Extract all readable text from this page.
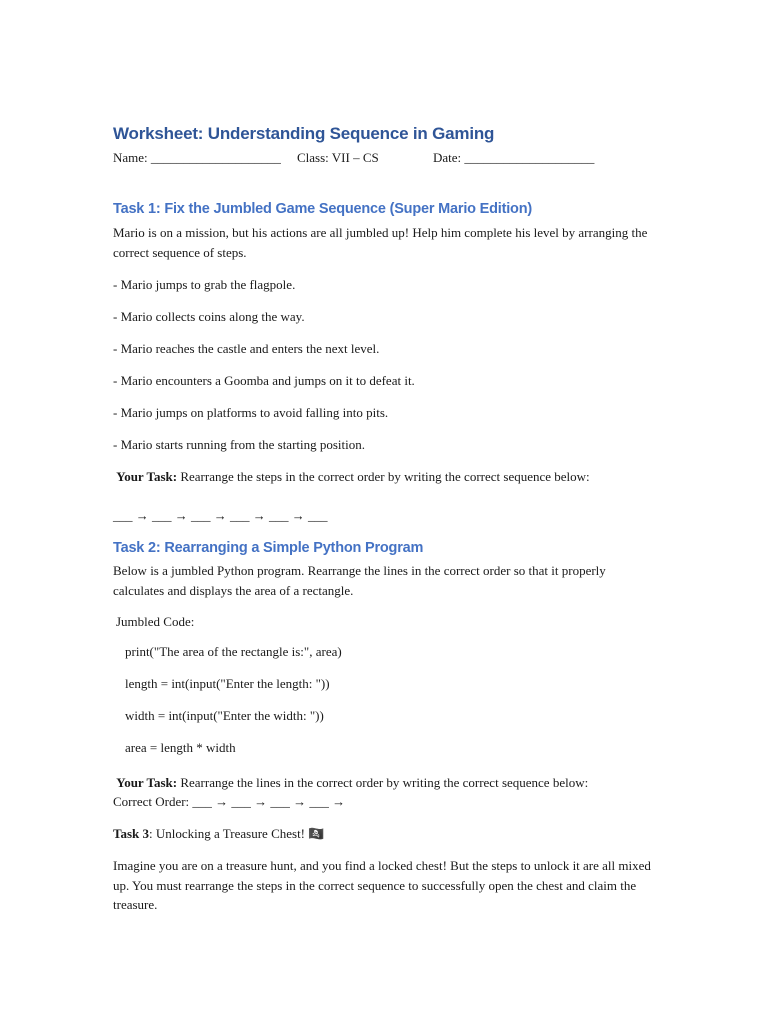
Worksheet: Understanding Sequence in Gaming
Name: ____________________ Class: VII – CS	Date: ____________________
Task 1: Fix the Jumbled Game Sequence (Super Mario Edition)
Mario is on a mission, but his actions are all jumbled up! Help him complete his level by arranging the correct sequence of steps.
- Mario jumps to grab the flagpole.
- Mario collects coins along the way.
- Mario reaches the castle and enters the next level.
- Mario encounters a Goomba and jumps on it to defeat it.
- Mario jumps on platforms to avoid falling into pits.
- Mario starts running from the starting position.
Your Task: Rearrange the steps in the correct order by writing the correct sequence below:
___ → ___ → ___ → ___ → ___ → ___
Task 2: Rearranging a Simple Python Program
Below is a jumbled Python program. Rearrange the lines in the correct order so that it properly calculates and displays the area of a rectangle.
Jumbled Code:
print("The area of the rectangle is:", area)
length = int(input("Enter the length: "))
width = int(input("Enter the width: "))
area = length * width
Your Task: Rearrange the lines in the correct order by writing the correct sequence below:
Correct Order: ___ → ___ → ___ → ___ →
Task 3: Unlocking a Treasure Chest! 🏴‍☠️
Imagine you are on a treasure hunt, and you find a locked chest! But the steps to unlock it are all mixed up. You must rearrange the steps in the correct sequence to successfully open the chest and claim the treasure.
